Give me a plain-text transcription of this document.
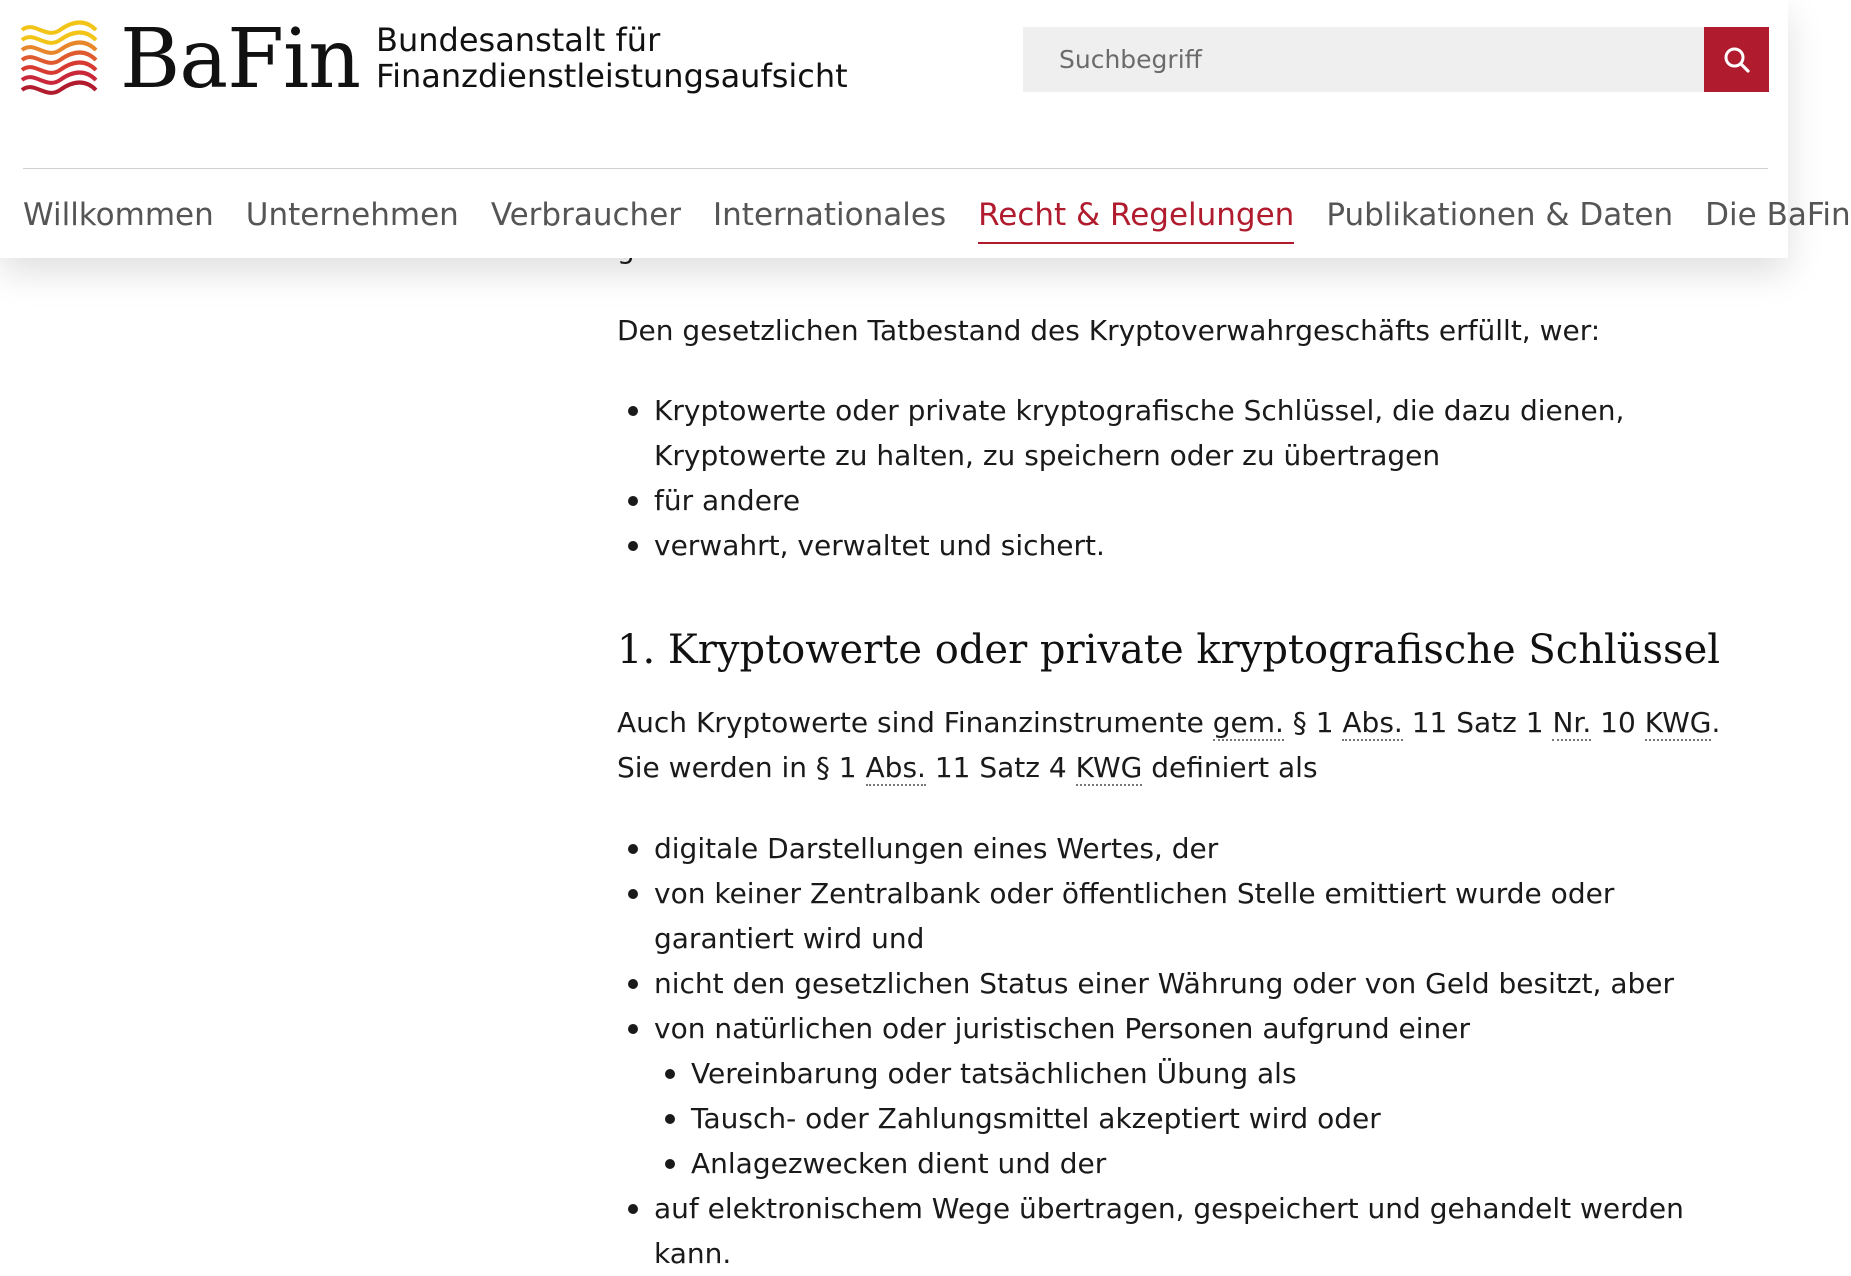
BaFin Bundesanstalt für
Finanzdienstleistungsaufsicht
Suchbegriff
Willkommen Unternehmen Verbraucher Internationales Recht & Regelungen Publikationen & Daten Die BaFin

Den gesetzlichen Tatbestand des Kryptoverwahrgeschäfts erfüllt, wer:

Kryptowerte oder private kryptografische Schlüssel, die dazu dienen, Kryptowerte zu halten, zu speichern oder zu übertragen
für andere
verwahrt, verwaltet und sichert.
1. Kryptowerte oder private kryptografische Schlüssel

Auch Kryptowerte sind Finanzinstrumente gem. § 1 Abs. 11 Satz 1 Nr. 10 KWG. Sie werden in § 1 Abs. 11 Satz 4 KWG definiert als

digitale Darstellungen eines Wertes, der
von keiner Zentralbank oder öffentlichen Stelle emittiert wurde oder garantiert wird und
nicht den gesetzlichen Status einer Währung oder von Geld besitzt, aber
von natürlichen oder juristischen Personen aufgrund einer
Vereinbarung oder tatsächlichen Übung als
Tausch- oder Zahlungsmittel akzeptiert wird oder
Anlagezwecken dient und der
auf elektronischem Wege übertragen, gespeichert und gehandelt werden kann.
